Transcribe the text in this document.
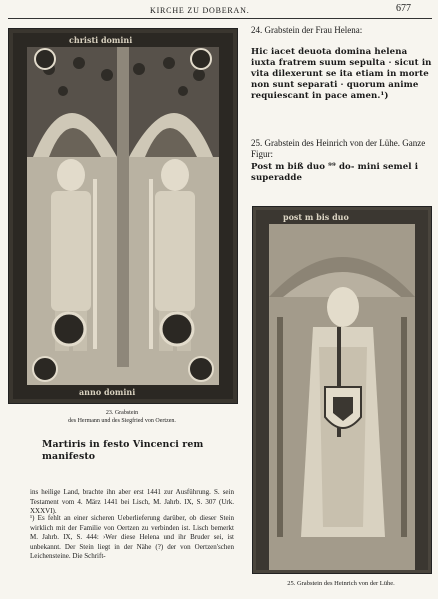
KIRCHE ZU DOBERAN.	677
christi domini
anno domini
23. Grabstein
des Hermann und des Siegfried von Oertzen.
24. Grabstein der Frau Helena:
Hic iacet deuota domina helena iuxta fratrem suum sepulta · sicut in vita dilexerunt se ita etiam in morte non sunt separati · quorum anime requiescant in pace amen.¹)
25. Grabstein des Heinrich von der Lühe. Ganze Figur:
Post m biß duo ⁹⁹ do- mini semel i superadde
post m bis duo
25. Grabstein des Heinrich von der Lühe.
Martiris in festo Vincenci rem manifesto
ins heilige Land, brachte ihn aber erst 1441 zur Ausführung. S. sein Testament vom 4. März 1441 bei Lisch, M. Jahrb. IX, S. 307 (Urk. XXXVI).
¹) Es fehlt an einer sicheren Ueberlieferung darüber, ob dieser Stein wirklich mit der Familie von Oertzen zu verbinden ist. Lisch bemerkt M. Jahrb. IX, S. 444: ›Wer diese Helena und ihr Bruder sei, ist unbekannt. Der Stein liegt in der Nähe (?) der von Oertzen'schen Leichensteine. Die Schrift-
